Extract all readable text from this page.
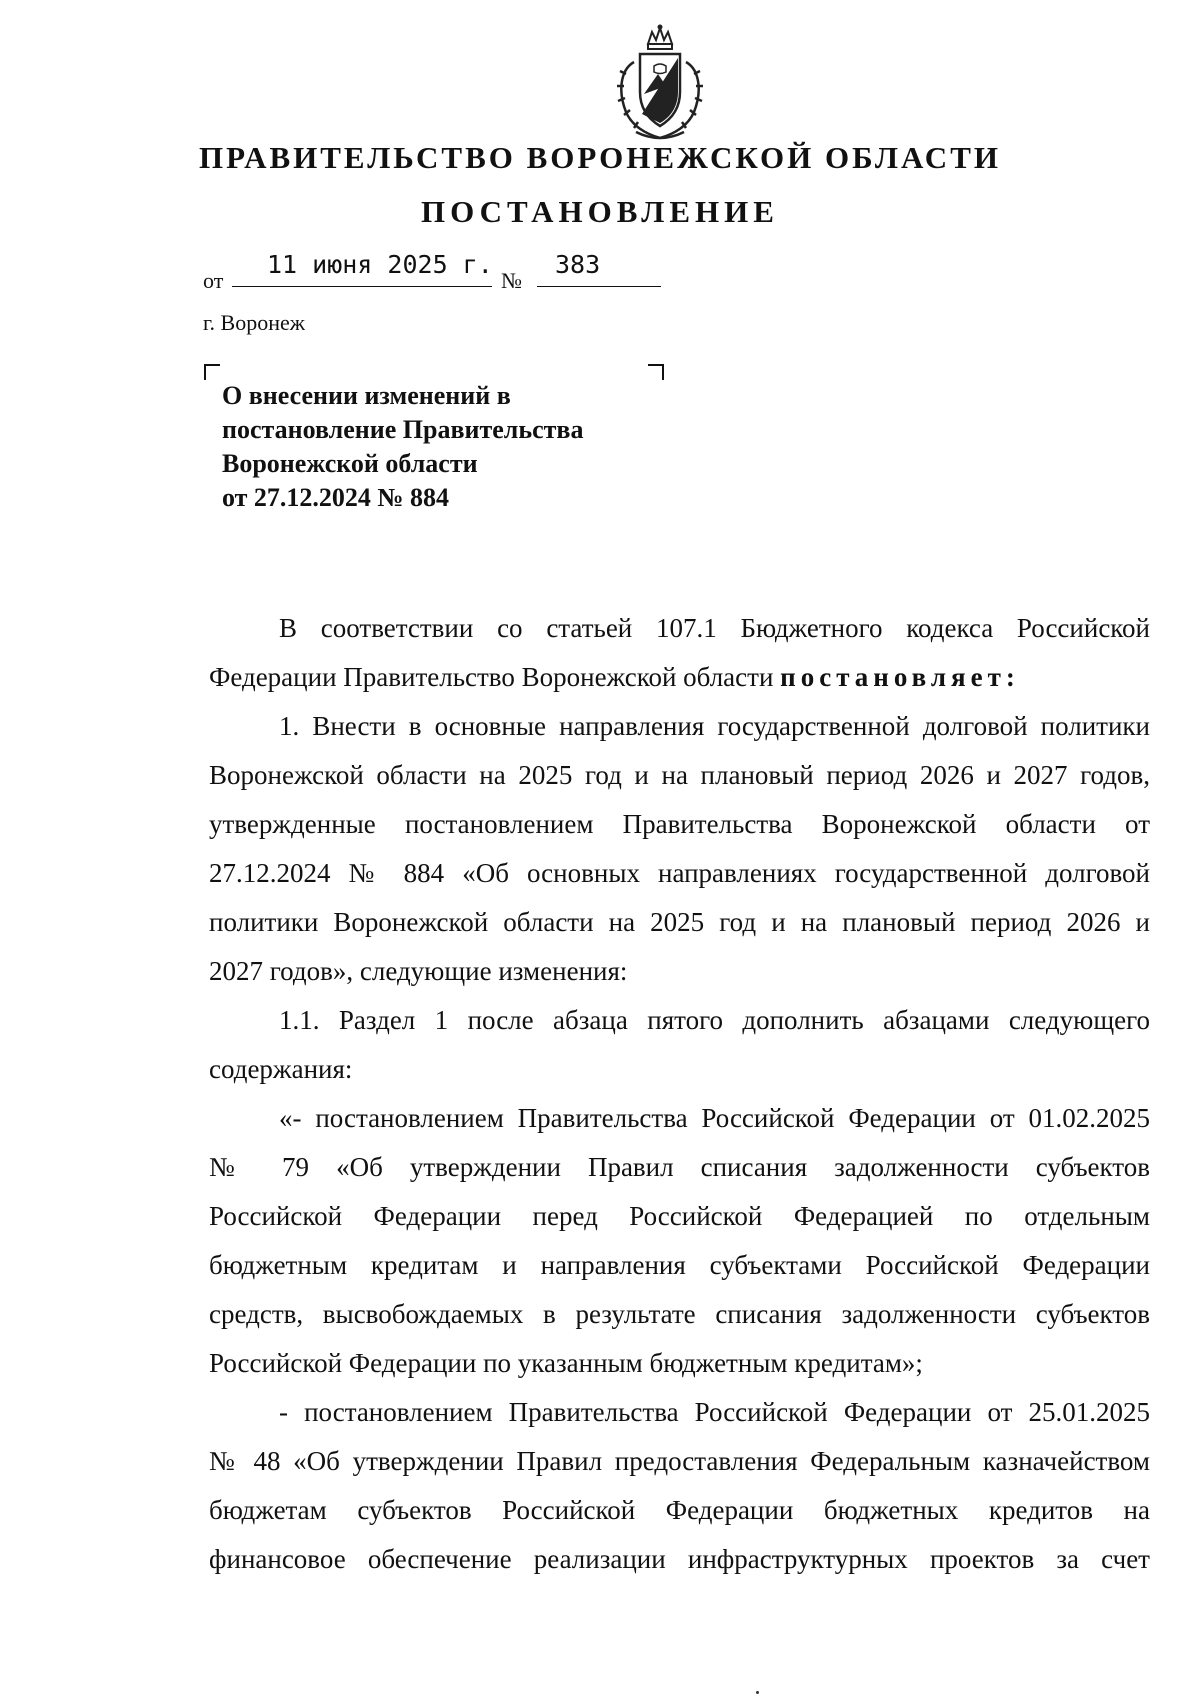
ПРАВИТЕЛЬСТВО ВОРОНЕЖСКОЙ ОБЛАСТИ
ПОСТАНОВЛЕНИЕ
от
11 июня 2025 г.
№
383
г. Воронеж
О внесении изменений в
постановление Правительства
Воронежской области
от 27.12.2024 № 884
В соответствии со статьей 107.1 Бюджетного кодекса Российской
Федерации Правительство Воронежской области постановляет:
1. Внести в основные направления государственной долговой политики
Воронежской области на 2025 год и на плановый период 2026 и 2027 годов,
утвержденные постановлением Правительства Воронежской области от
27.12.2024 № 884 «Об основных направлениях государственной долговой
политики Воронежской области на 2025 год и на плановый период 2026 и
2027 годов», следующие изменения:
1.1. Раздел 1 после абзаца пятого дополнить абзацами следующего
содержания:
«- постановлением Правительства Российской Федерации от 01.02.2025
№ 79 «Об утверждении Правил списания задолженности субъектов
Российской Федерации перед Российской Федерацией по отдельным
бюджетным кредитам и направления субъектами Российской Федерации
средств, высвобождаемых в результате списания задолженности субъектов
Российской Федерации по указанным бюджетным кредитам»;
- постановлением Правительства Российской Федерации от 25.01.2025
№ 48 «Об утверждении Правил предоставления Федеральным казначейством
бюджетам субъектов Российской Федерации бюджетных кредитов на
финансовое обеспечение реализации инфраструктурных проектов за счет
